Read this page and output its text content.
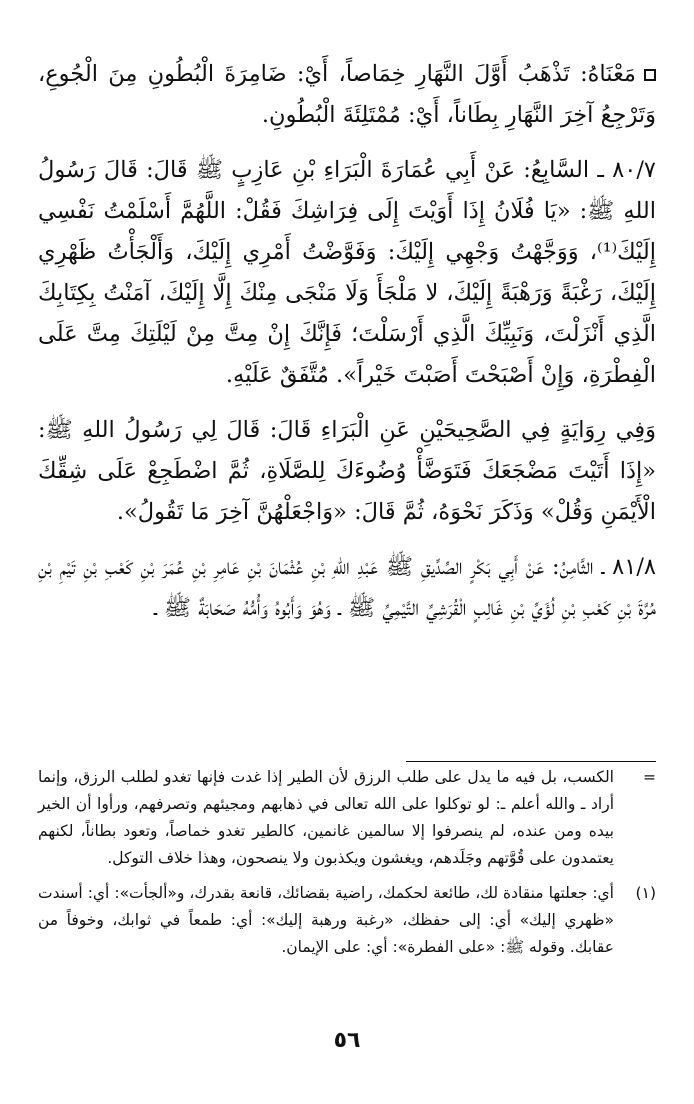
مَعْنَاهُ: تَذْهَبُ أَوَّلَ النَّهَارِ خِمَاصاً، أَيْ: ضَامِرَةَ الْبُطُونِ مِنَ الْجُوعِ، وَتَرْجِعُ آخِرَ النَّهَارِ بِطَاناً، أَيْ: مُمْتَلِئَةَ الْبُطُونِ.

٨٠/٧ ـ السَّابِعُ: عَنْ أَبِي عُمَارَةَ الْبَرَاءِ بْنِ عَازِبٍ ﷺ قَالَ: قَالَ رَسُولُ اللهِ ﷺ: «يَا فُلَانُ إِذَا أَوَيْتَ إِلَى فِرَاشِكَ فَقُلْ: اللَّهُمَّ أَسْلَمْتُ نَفْسِي إِلَيْكَ⁽¹⁾، وَوَجَّهْتُ وَجْهِي إِلَيْكَ: وَفَوَّضْتُ أَمْرِي إِلَيْكَ، وَأَلْجَأْتُ ظَهْرِي إِلَيْكَ، رَغْبَةً وَرَهْبَةً إِلَيْكَ، لا مَلْجَأَ وَلَا مَنْجَى مِنْكَ إِلَّا إِلَيْكَ، آمَنْتُ بِكِتَابِكَ الَّذِي أَنْزَلْتَ، وَنَبِيِّكَ الَّذِي أَرْسَلْتَ؛ فَإِنَّكَ إِنْ مِتَّ مِنْ لَيْلَتِكَ مِتَّ عَلَى الْفِطْرَةِ، وَإِنْ أَصْبَحْتَ أَصَبْتَ خَيْراً». مُتَّفَقٌ عَلَيْهِ.

وَفِي رِوَايَةٍ فِي الصَّحِيحَيْنِ عَنِ الْبَرَاءِ قَالَ: قَالَ لِي رَسُولُ اللهِ ﷺ: «إِذَا أَتَيْتَ مَضْجَعَكَ فَتَوَضَّأْ وُضُوءَكَ لِلصَّلَاةِ، ثُمَّ اضْطَجِعْ عَلَى شِقِّكَ الْأَيْمَنِ وَقُلْ» وَذَكَرَ نَحْوَهُ، ثُمَّ قَالَ: «وَاجْعَلْهُنَّ آخِرَ مَا تَقُولُ».

٨١/٨ ـ الثَّامِنُ: عَنْ أَبِي بَكْرٍ الصِّدِّيقِ ﷺ عَبْدِ اللهِ بْنِ عُثْمَانَ بْنِ عَامِرِ بْنِ عُمَرَ بْنِ كَعْبِ بْنِ تَيْمِ بْنِ مُرَّةَ بْنِ كَعْبِ بْنِ لُؤَيِّ بْنِ غَالِبٍ الْقُرَشِيِّ التَّيْمِيِّ ﷺ ـ وَهُوَ وَأَبُوهُ وَأُمُّهُ صَحَابَةٌ ﷺ ـ

=
الكسب، بل فيه ما يدل على طلب الرزق لأن الطير إذا غدت فإنها تغدو لطلب الرزق، وإنما أراد ـ والله أعلم ـ: لو توكلوا على الله تعالى في ذهابهم ومجيئهم وتصرفهم، ورأوا أن الخير بيده ومن عنده، لم ينصرفوا إلا سالمين غانمين، كالطير تغدو خماصاً، وتعود بطاناً، لكنهم يعتمدون على قُوَّتهم وجَلَدهم، ويغشون ويكذبون ولا ينصحون، وهذا خلاف التوكل.
(١)
أي: جعلتها منقادة لك، طائعة لحكمك، راضية بقضائك، قانعة بقدرك، و«ألجأت»: أي: أسندت «ظهري إليك» أي: إلى حفظك، «رغبة ورهبة إليك»: أي: طمعاً في ثوابك، وخوفاً من عقابك. وقوله ﷺ: «على الفطرة»: أي: على الإيمان.
٥٦
